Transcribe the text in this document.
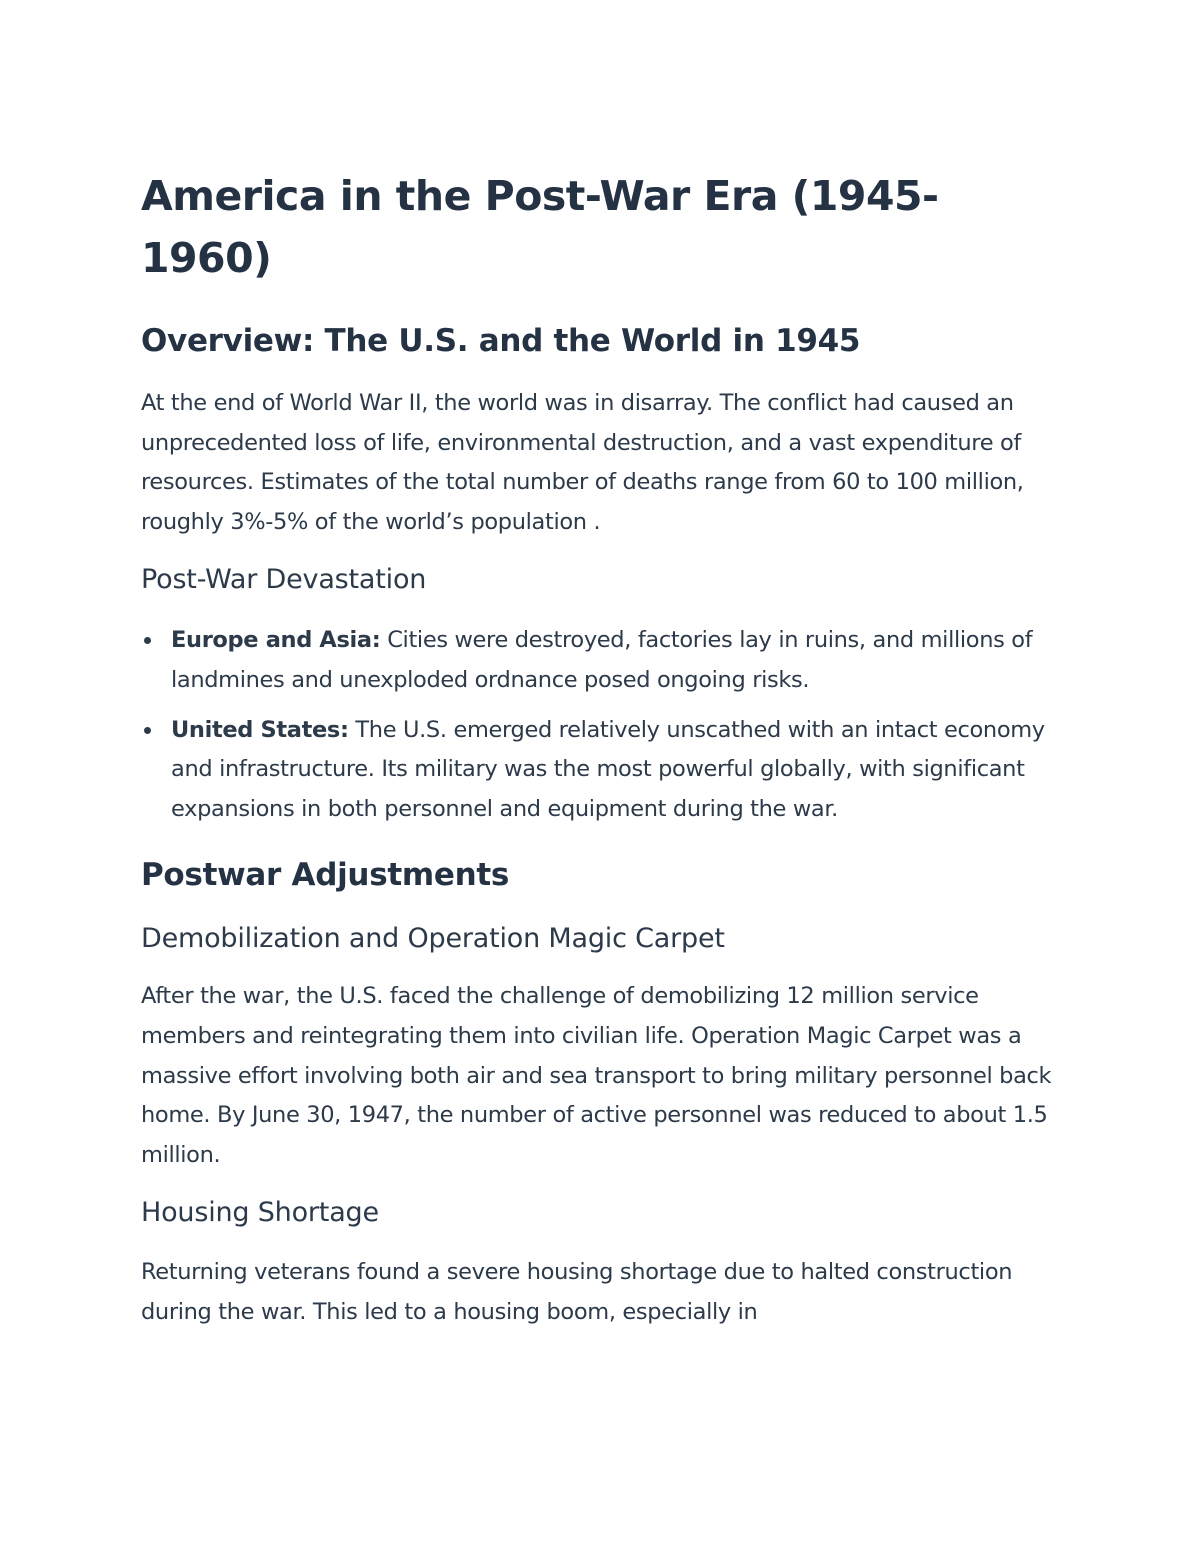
America in the Post-War Era (1945-1960)
Overview: The U.S. and the World in 1945

At the end of World War II, the world was in disarray. The conflict had caused an unprecedented loss of life, environmental destruction, and a vast expenditure of resources. Estimates of the total number of deaths range from 60 to 100 million, roughly 3%-5% of the world’s population .

Post-War Devastation
Europe and Asia: Cities were destroyed, factories lay in ruins, and millions of landmines and unexploded ordnance posed ongoing risks.
United States: The U.S. emerged relatively unscathed with an intact economy and infrastructure. Its military was the most powerful globally, with significant expansions in both personnel and equipment during the war.
Postwar Adjustments
Demobilization and Operation Magic Carpet

After the war, the U.S. faced the challenge of demobilizing 12 million service members and reintegrating them into civilian life. Operation Magic Carpet was a massive effort involving both air and sea transport to bring military personnel back home. By June 30, 1947, the number of active personnel was reduced to about 1.5 million.

Housing Shortage

Returning veterans found a severe housing shortage due to halted construction during the war. This led to a housing boom, especially in
